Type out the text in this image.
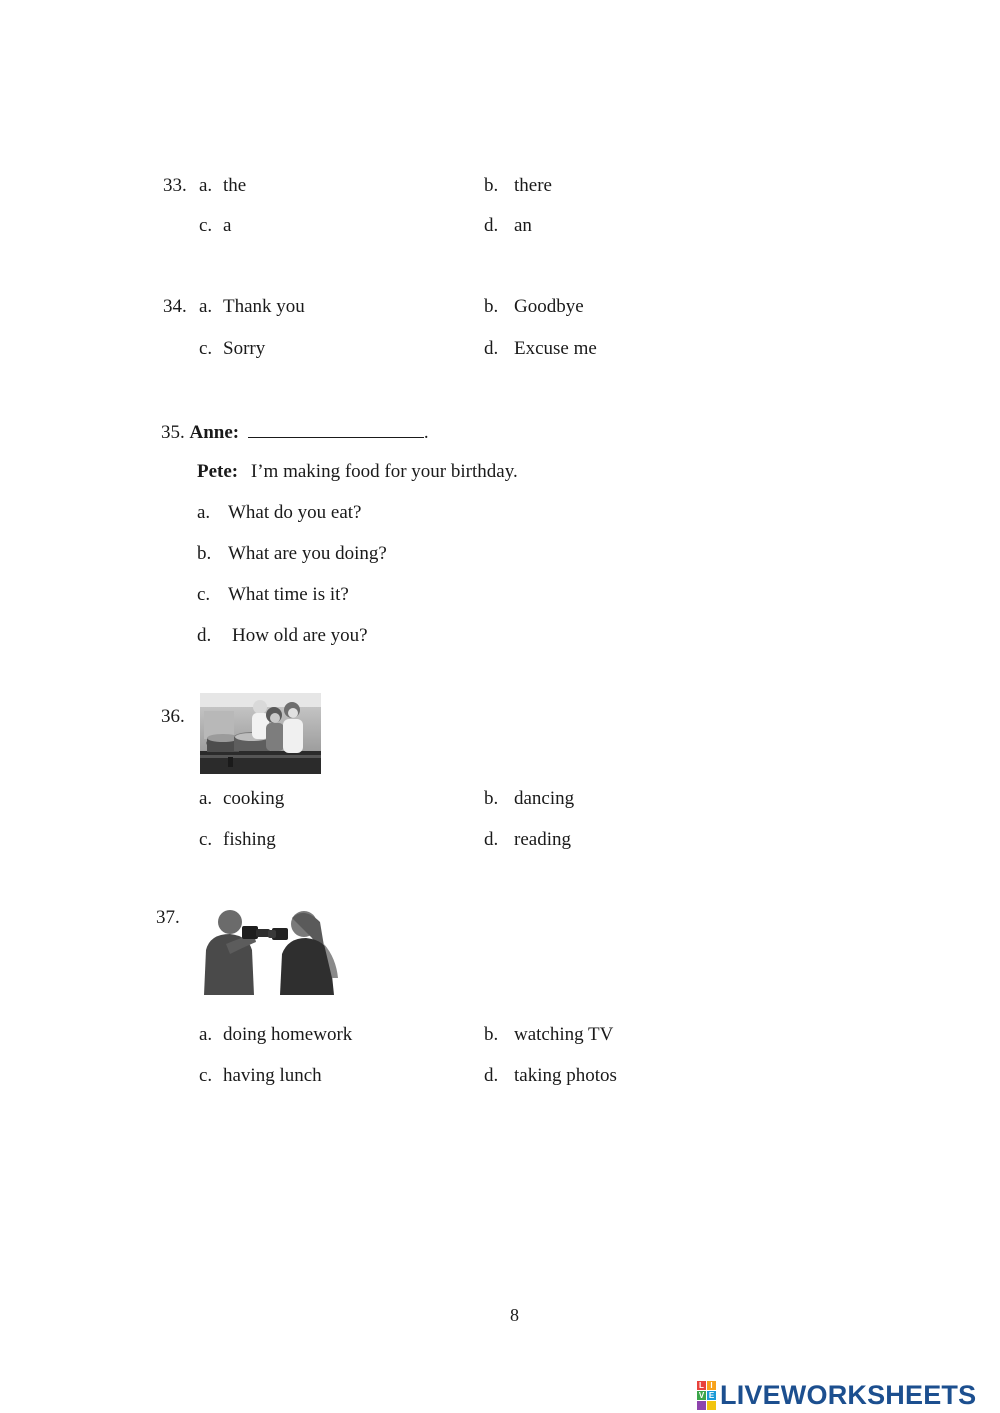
33. a. the	b. there
c. a	d. an
34. a. Thank you	b. Goodbye
c. Sorry	d. Excuse me
35. Anne:	.
Pete: I’m making food for your birthday.
a. What do you eat?
b. What are you doing?
c. What time is it?
d. How old are you?
36.
a. cooking	b. dancing
c. fishing	d. reading
37.
a. doing homework	b. watching TV
c. having lunch	d. taking photos
8
L I
V E LIVEWORKSHEETS
